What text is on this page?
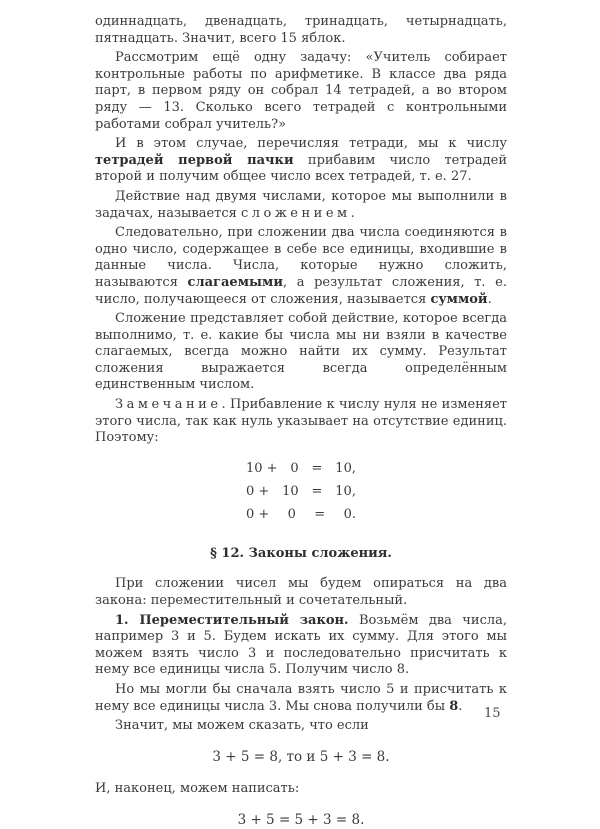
одиннадцать, двенадцать, тринадцать, четырнадцать, пятнадцать. Значит, всего 15 яблок.

Рассмотрим ещё одну задачу: «Учитель собирает контрольные работы по арифметике. В классе два ряда парт, в первом ряду он собрал 14 тетрадей, а во втором ряду — 13. Сколько всего тетрадей с контрольными работами собрал учитель?»

И в этом случае, перечисляя тетради, мы к числу тетрадей первой пачки прибавим число тетрадей второй и получим общее число всех тетрадей, т. е. 27.

Действие над двумя числами, которое мы выполнили в задачах, называется сложением.

Следовательно, при сложении два числа соединяются в одно число, содержащее в себе все единицы, входившие в данные числа. Числа, которые нужно сложить, называются слагаемыми, а результат сложения, т. е. число, получающееся от сложения, называется суммой.

Сложение представляет собой действие, которое всегда выполнимо, т. е. какие бы числа мы ни взяли в качестве слагаемых, всегда можно найти их сумму. Результат сложения выражается всегда определённым единственным числом.

Замечание. Прибавление к числу нуля не изменяет этого числа, так как нуль указывает на отсутствие единиц. Поэтому:

10 + 0 = 10,
0 + 10 = 10,
0 + 0 = 0.

§ 12. Законы сложения.

При сложении чисел мы будем опираться на два закона: переместительный и сочетательный.

1. Переместительный закон. Возьмём два числа, например 3 и 5. Будем искать их сумму. Для этого мы можем взять число 3 и последовательно присчитать к нему все единицы числа 5. Получим число 8.

Но мы могли бы сначала взять число 5 и присчитать к нему все единицы числа 3. Мы снова получили бы 8.

Значит, мы можем сказать, что если

3 + 5 = 8, то и 5 + 3 = 8.

И, наконец, можем написать:

3 + 5 = 5 + 3 = 8.

15
